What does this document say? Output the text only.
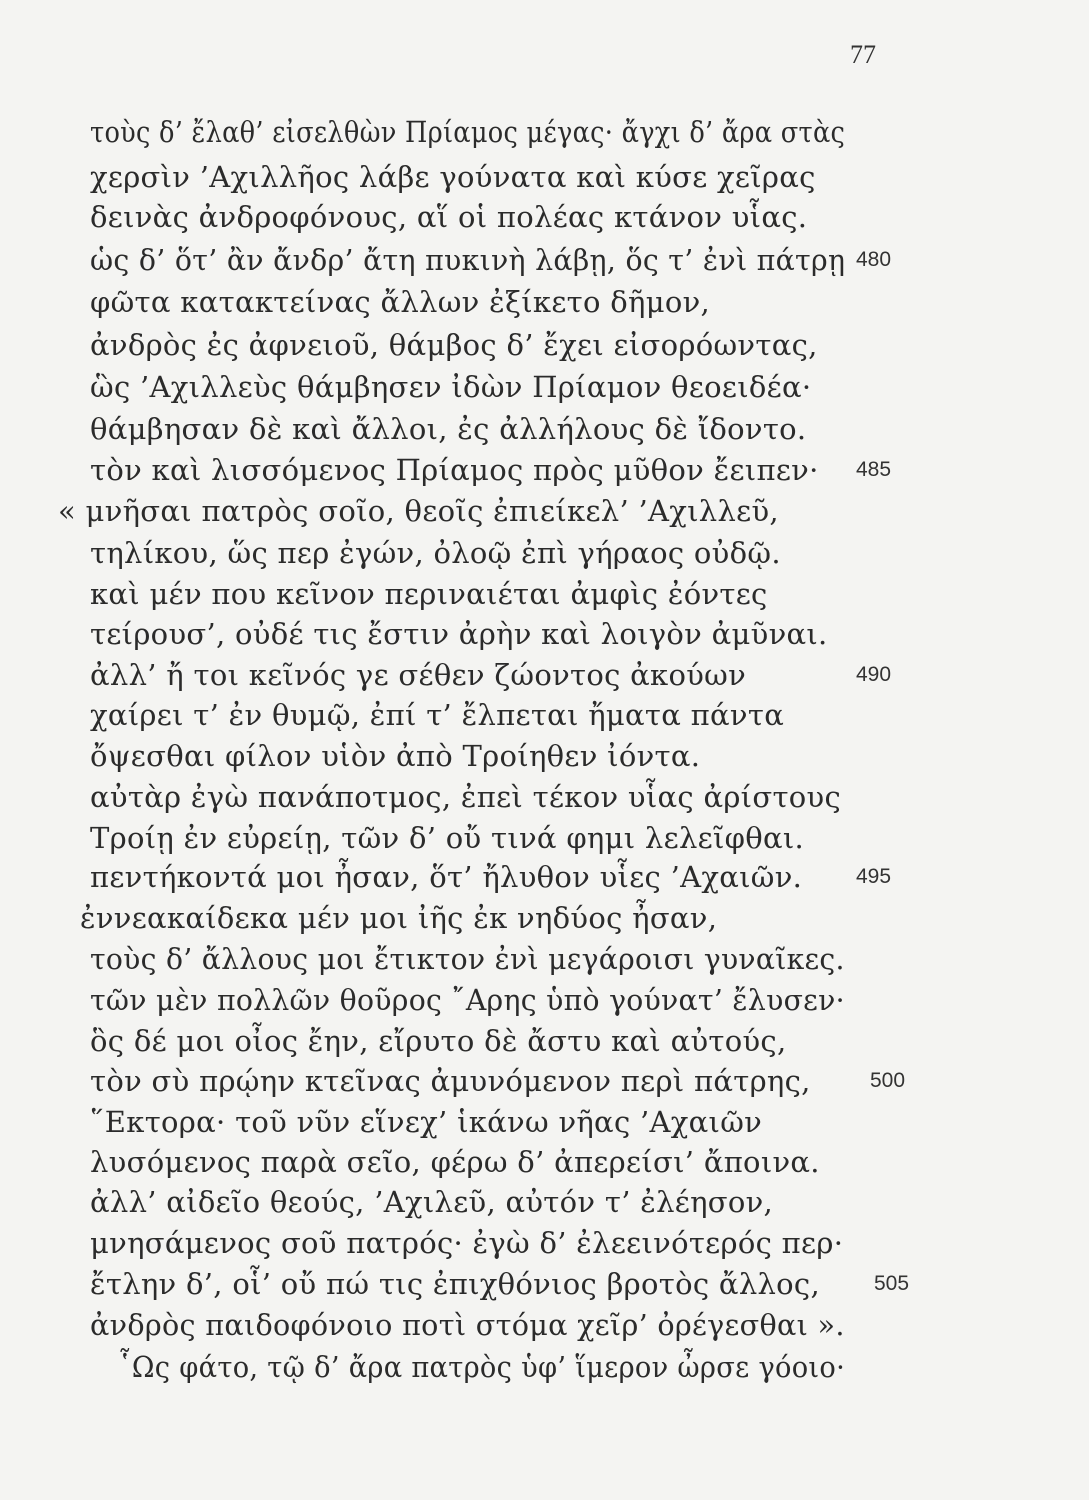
77
τοὺς δ’ ἔλαθ’ εἰσελθὼν Πρίαμος μέγας· ἄγχι δ’ ἄρα στὰς
χερσὶν ’Αχιλλῆος λάβε γούνατα καὶ κύσε χεῖρας
δεινὰς ἀνδροφόνους, αἵ οἱ πολέας κτάνον υἷας.
ὡς δ’ ὅτ’ ἂν ἄνδρ’ ἄτη πυκινὴ λάβῃ, ὅς τ’ ἐνὶ πάτρῃ 480
φῶτα κατακτείνας ἄλλων ἐξίκετο δῆμον,
ἀνδρὸς ἐς ἀφνειοῦ, θάμβος δ’ ἔχει εἰσορόωντας,
ὣς ’Αχιλλεὺς θάμβησεν ἰδὼν Πρίαμον θεοειδέα·
θάμβησαν δὲ καὶ ἄλλοι, ἐς ἀλλήλους δὲ ἴδοντο.
τὸν καὶ λισσόμενος Πρίαμος πρὸς μῦθον ἔειπεν· 485
« μνῆσαι πατρὸς σοῖο, θεοῖς ἐπιείκελ’ ’Αχιλλεῦ,
τηλίκου, ὥς περ ἐγών, ὀλοῷ ἐπὶ γήραος οὐδῷ.
καὶ μέν που κεῖνον περιναιέται ἀμφὶς ἐόντες
τείρουσ’, οὐδέ τις ἔστιν ἀρὴν καὶ λοιγὸν ἀμῦναι.
ἀλλ’ ἤ τοι κεῖνός γε σέθεν ζώοντος ἀκούων	490
χαίρει τ’ ἐν θυμῷ, ἐπί τ’ ἔλπεται ἤματα πάντα
ὄψεσθαι φίλον υἱὸν ἀπὸ Τροίηθεν ἰόντα.
αὐτὰρ ἐγὼ πανάποτμος, ἐπεὶ τέκον υἷας ἀρίστους
Τροίῃ ἐν εὐρείῃ, τῶν δ’ οὔ τινά φημι λελεῖφθαι.
πεντήκοντά μοι ἦσαν, ὅτ’ ἤλυθον υἷες ’Αχαιῶν.	495
ἐννεακαίδεκα μέν μοι ἰῆς ἐκ νηδύος ἦσαν,
τοὺς δ’ ἄλλους μοι ἔτικτον ἐνὶ μεγάροισι γυναῖκες.
τῶν μὲν πολλῶν θοῦρος ῎Αρης ὑπὸ γούνατ’ ἔλυσεν·
ὃς δέ μοι οἶος ἔην, εἴρυτο δὲ ἄστυ καὶ αὐτούς,
τὸν σὺ πρῴην κτεῖνας ἀμυνόμενον περὶ πάτρης,	500
῞Εκτορα· τοῦ νῦν εἵνεχ’ ἱκάνω νῆας ’Αχαιῶν
λυσόμενος παρὰ σεῖο, φέρω δ’ ἀπερείσι’ ἄποινα.
ἀλλ’ αἰδεῖο θεούς, ’Αχιλεῦ, αὐτόν τ’ ἐλέησον,
μνησάμενος σοῦ πατρός· ἐγὼ δ’ ἐλεεινότερός περ·
ἔτλην δ’, οἷ’ οὔ πώ τις ἐπιχθόνιος βροτὸς ἄλλος,	505
ἀνδρὸς παιδοφόνοιο ποτὶ στόμα χεῖρ’ ὀρέγεσθαι ».
῟Ως φάτο, τῷ δ’ ἄρα πατρὸς ὑφ’ ἵμερον ὦρσε γόοιο·
